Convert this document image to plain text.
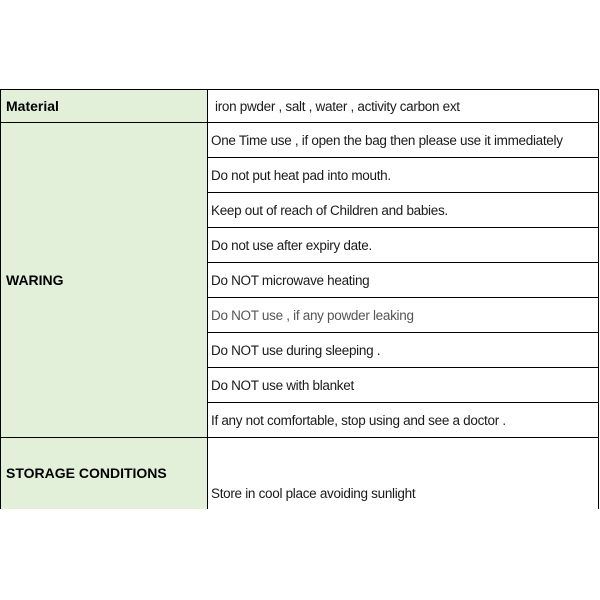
Material	iron pwder , salt , water , activity carbon ext
WARING	One Time use , if open the bag then please use it immediately
	Do not put heat pad into mouth.
	Keep out of reach of Children and babies.
	Do not use after expiry date.
	Do NOT microwave heating
	Do NOT use , if any powder leaking
	Do NOT use during sleeping .
	Do NOT use with blanket
	If any not comfortable, stop using and see a doctor .
STORAGE CONDITIONS	Store in cool place avoiding sunlight
